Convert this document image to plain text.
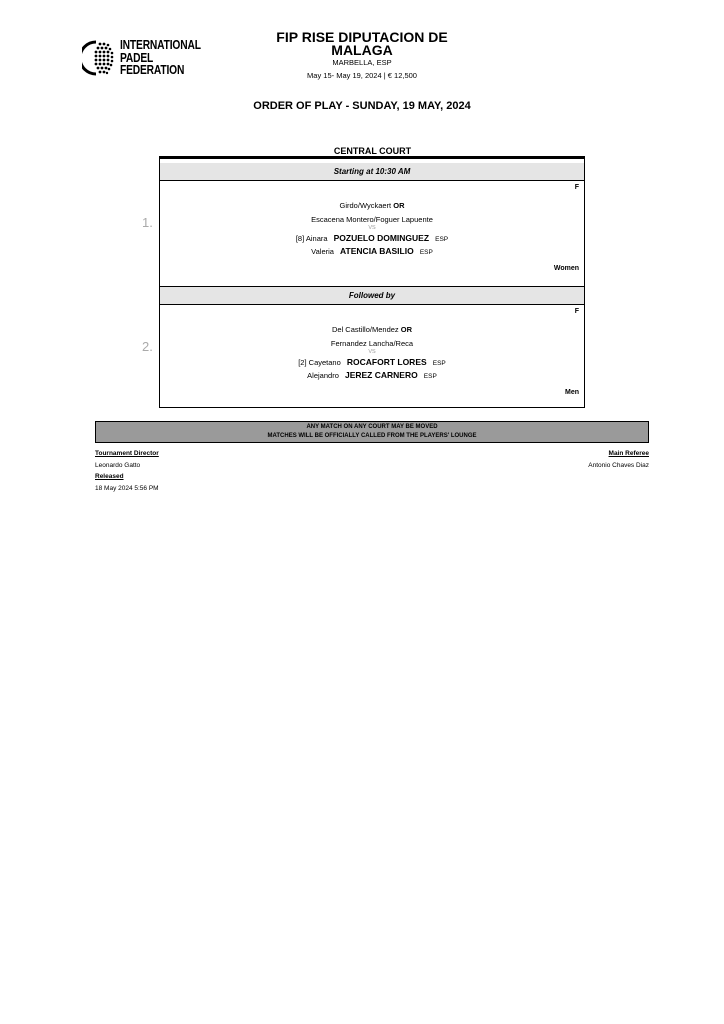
INTERNATIONAL
PADEL
FEDERATION
FIP RISE DIPUTACION DE MALAGA
MARBELLA, ESP
May 15- May 19, 2024 | € 12,500
ORDER OF PLAY - SUNDAY, 19 MAY, 2024
CENTRAL COURT
Starting at 10:30 AM
Followed by
1.
F
Girdo/Wyckaert OR
Escacena Montero/Foguer Lapuente
VS
[8] Ainara POZUELO DOMINGUEZ ESP
Valeria ATENCIA BASILIO ESP
Women
2.
F
Del Castillo/Mendez OR
Fernandez Lancha/Reca
VS
[2] Cayetano ROCAFORT LORES ESP
Alejandro JEREZ CARNERO ESP
Men
ANY MATCH ON ANY COURT MAY BE MOVED
MATCHES WILL BE OFFICIALLY CALLED FROM THE PLAYERS' LOUNGE
Tournament Director
Leonardo Gatto
Released
18 May 2024 5:56 PM
Main Referee
Antonio Chaves Diaz
